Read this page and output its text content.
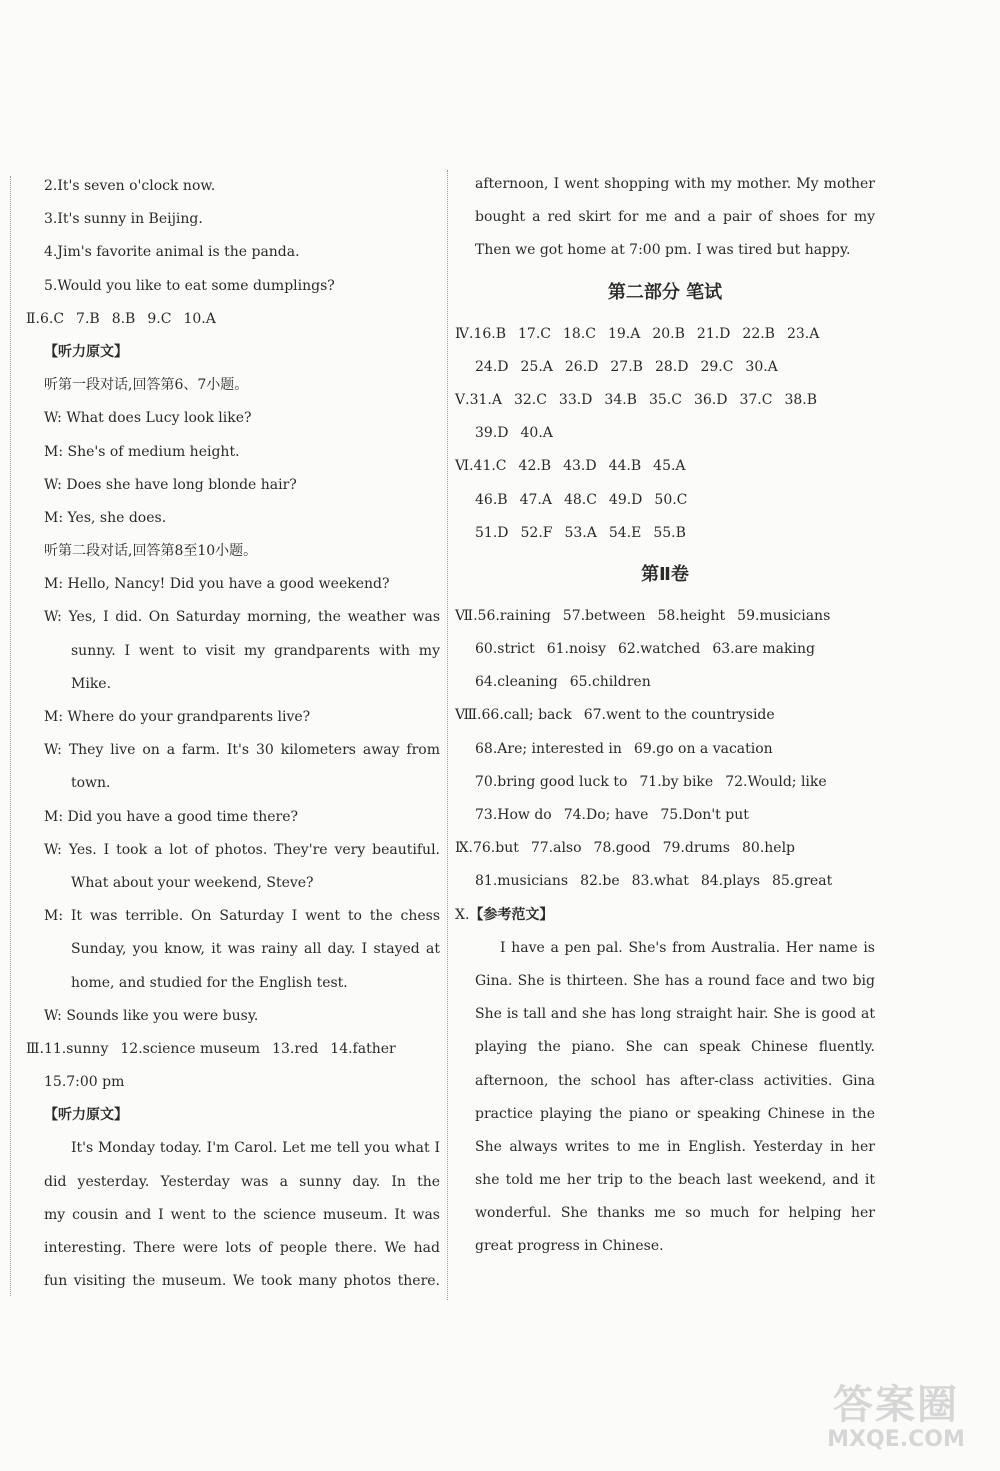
2.It's seven o'clock now.
3.It's sunny in Beijing.
4.Jim's favorite animal is the panda.
5.Would you like to eat some dumplings?
Ⅱ.6.C 7.B 8.B 9.C 10.A
【听力原文】
听第一段对话,回答第6、7小题。
W: What does Lucy look like?
M: She's of medium height.
W: Does she have long blonde hair?
M: Yes, she does.
听第二段对话,回答第8至10小题。
M: Hello, Nancy! Did you have a good weekend?
W: Yes, I did. On Saturday morning, the weather was
sunny. I went to visit my grandparents with my
Mike.
M: Where do your grandparents live?
W: They live on a farm. It's 30 kilometers away from
town.
M: Did you have a good time there?
W: Yes. I took a lot of photos. They're very beautiful.
What about your weekend, Steve?
M: It was terrible. On Saturday I went to the chess
Sunday, you know, it was rainy all day. I stayed at
home, and studied for the English test.
W: Sounds like you were busy.
Ⅲ.11.sunny 12.science museum 13.red 14.father
15.7:00 pm
【听力原文】
It's Monday today. I'm Carol. Let me tell you what I
did yesterday. Yesterday was a sunny day. In the
my cousin and I went to the science museum. It was
interesting. There were lots of people there. We had
fun visiting the museum. We took many photos there.
afternoon, I went shopping with my mother. My mother
bought a red skirt for me and a pair of shoes for my
Then we got home at 7:00 pm. I was tired but happy.
第二部分 笔试
Ⅳ.16.B 17.C 18.C 19.A 20.B 21.D 22.B 23.A
24.D 25.A 26.D 27.B 28.D 29.C 30.A
Ⅴ.31.A 32.C 33.D 34.B 35.C 36.D 37.C 38.B
39.D 40.A
Ⅵ.41.C 42.B 43.D 44.B 45.A
46.B 47.A 48.C 49.D 50.C
51.D 52.F 53.A 54.E 55.B
第Ⅱ卷
Ⅶ.56.raining 57.between 58.height 59.musicians
60.strict 61.noisy 62.watched 63.are making
64.cleaning 65.children
Ⅷ.66.call; back 67.went to the countryside
68.Are; interested in 69.go on a vacation
70.bring good luck to 71.by bike 72.Would; like
73.How do 74.Do; have 75.Don't put
Ⅸ.76.but 77.also 78.good 79.drums 80.help
81.musicians 82.be 83.what 84.plays 85.great
Ⅹ.【参考范文】
I have a pen pal. She's from Australia. Her name is
Gina. She is thirteen. She has a round face and two big
She is tall and she has long straight hair. She is good at
playing the piano. She can speak Chinese fluently.
afternoon, the school has after-class activities. Gina
practice playing the piano or speaking Chinese in the
She always writes to me in English. Yesterday in her
she told me her trip to the beach last weekend, and it
wonderful. She thanks me so much for helping her
great progress in Chinese.
答案圈
MXQE.COM
